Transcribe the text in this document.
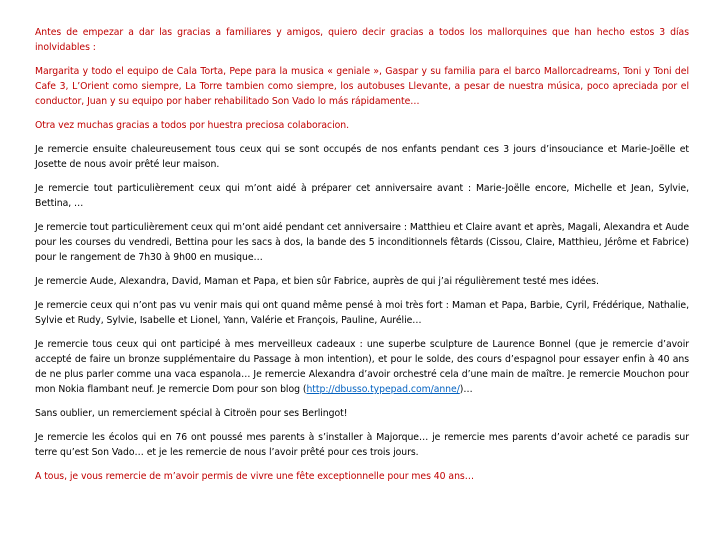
Antes de empezar a dar las gracias a familiares y amigos, quiero decir gracias a todos los mallorquines que han hecho estos 3 días inolvidables :

Margarita y todo el equipo de Cala Torta, Pepe para la musica « geniale », Gaspar y su familia para el barco Mallorcadreams, Toni y Toni del Cafe 3, L’Orient como siempre, La Torre tambien como siempre, los autobuses Llevante, a pesar de nuestra música, poco apreciada por el conductor, Juan y su equipo por haber rehabilitado Son Vado lo más rápidamente…

Otra vez muchas gracias a todos por huestra preciosa colaboracion.

Je remercie ensuite chaleureusement tous ceux qui se sont occupés de nos enfants pendant ces 3 jours d’insouciance et Marie-Joëlle et Josette de nous avoir prêté leur maison.

Je remercie tout particulièrement ceux qui m’ont aidé à préparer cet anniversaire avant : Marie-Joëlle encore, Michelle et Jean, Sylvie, Bettina, …

Je remercie tout particulièrement ceux qui m’ont aidé pendant cet anniversaire : Matthieu et Claire avant et après, Magali, Alexandra et Aude pour les courses du vendredi, Bettina pour les sacs à dos, la bande des 5 inconditionnels fêtards (Cissou, Claire, Matthieu, Jérôme et Fabrice) pour le rangement de 7h30 à 9h00 en musique…

Je remercie Aude, Alexandra, David, Maman et Papa, et bien sûr Fabrice, auprès de qui j’ai régulièrement testé mes idées.

Je remercie ceux qui n’ont pas vu venir mais qui ont quand même pensé à moi très fort : Maman et Papa, Barbie, Cyril, Frédérique, Nathalie, Sylvie et Rudy, Sylvie, Isabelle et Lionel, Yann, Valérie et François, Pauline, Aurélie…

Je remercie tous ceux qui ont participé à mes merveilleux cadeaux : une superbe sculpture de Laurence Bonnel (que je remercie d’avoir accepté de faire un bronze supplémentaire du Passage à mon intention), et pour le solde, des cours d’espagnol pour essayer enfin à 40 ans de ne plus parler comme una vaca espanola… Je remercie Alexandra d’avoir orchestré cela d’une main de maître. Je remercie Mouchon pour mon Nokia flambant neuf. Je remercie Dom pour son blog (http://dbusso.typepad.com/anne/)…

Sans oublier, un remerciement spécial à Citroën pour ses Berlingot!

Je remercie les écolos qui en 76 ont poussé mes parents à s’installer à Majorque… je remercie mes parents d’avoir acheté ce paradis sur terre qu’est Son Vado… et je les remercie de nous l’avoir prêté pour ces trois jours.

A tous, je vous remercie de m’avoir permis de vivre une fête exceptionnelle pour mes 40 ans…
